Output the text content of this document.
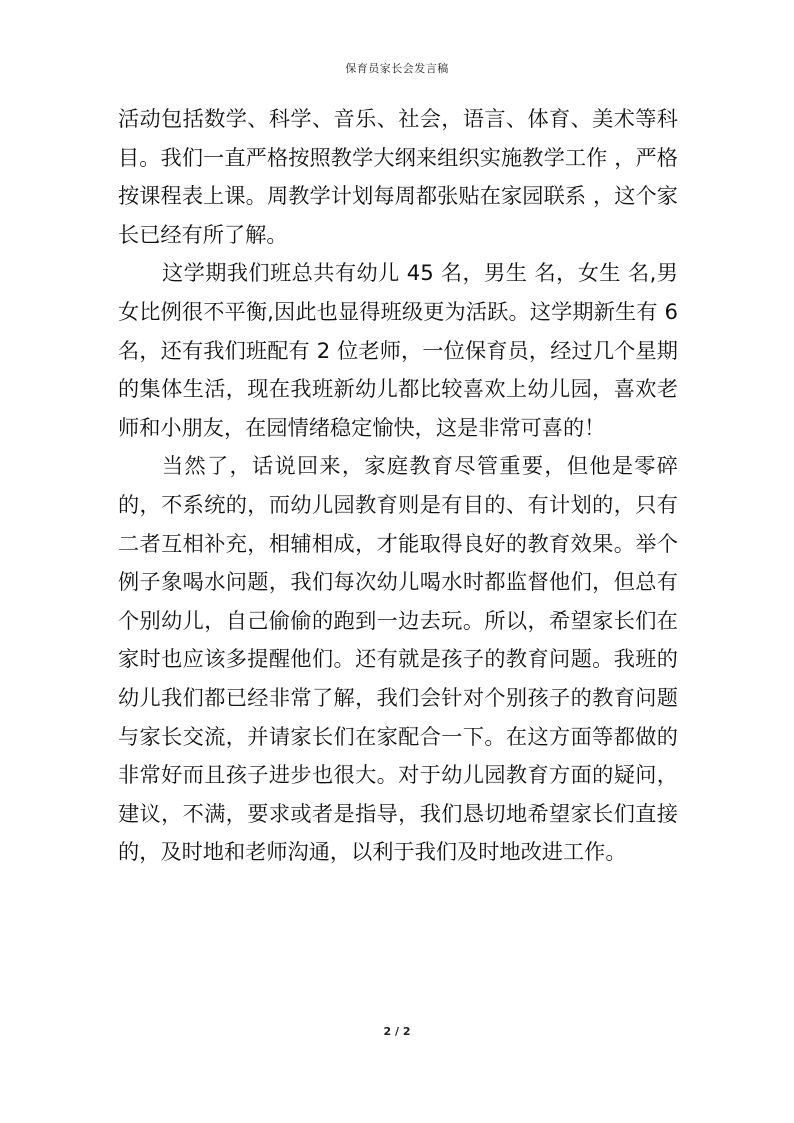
保育员家长会发言稿

活动包括数学、科学、音乐、社会，语言、体育、美术等科目。我们一直严格按照教学大纲来组织实施教学工作 ，严格按课程表上课。周教学计划每周都张贴在家园联系 ，这个家长已经有所了解。

这学期我们班总共有幼儿 45 名，男生 名，女生 名,男女比例很不平衡,因此也显得班级更为活跃。这学期新生有 6 名，还有我们班配有 2 位老师，一位保育员，经过几个星期的集体生活，现在我班新幼儿都比较喜欢上幼儿园，喜欢老师和小朋友，在园情绪稳定愉快，这是非常可喜的！

当然了，话说回来，家庭教育尽管重要，但他是零碎的，不系统的，而幼儿园教育则是有目的、有计划的，只有二者互相补充，相辅相成，才能取得良好的教育效果。举个例子象喝水问题，我们每次幼儿喝水时都监督他们，但总有个别幼儿，自己偷偷的跑到一边去玩。所以，希望家长们在家时也应该多提醒他们。还有就是孩子的教育问题。我班的幼儿我们都已经非常了解，我们会针对个别孩子的教育问题与家长交流，并请家长们在家配合一下。在这方面等都做的非常好而且孩子进步也很大。对于幼儿园教育方面的疑问，建议，不满，要求或者是指导，我们恳切地希望家长们直接的，及时地和老师沟通，以利于我们及时地改进工作。

2 / 2
